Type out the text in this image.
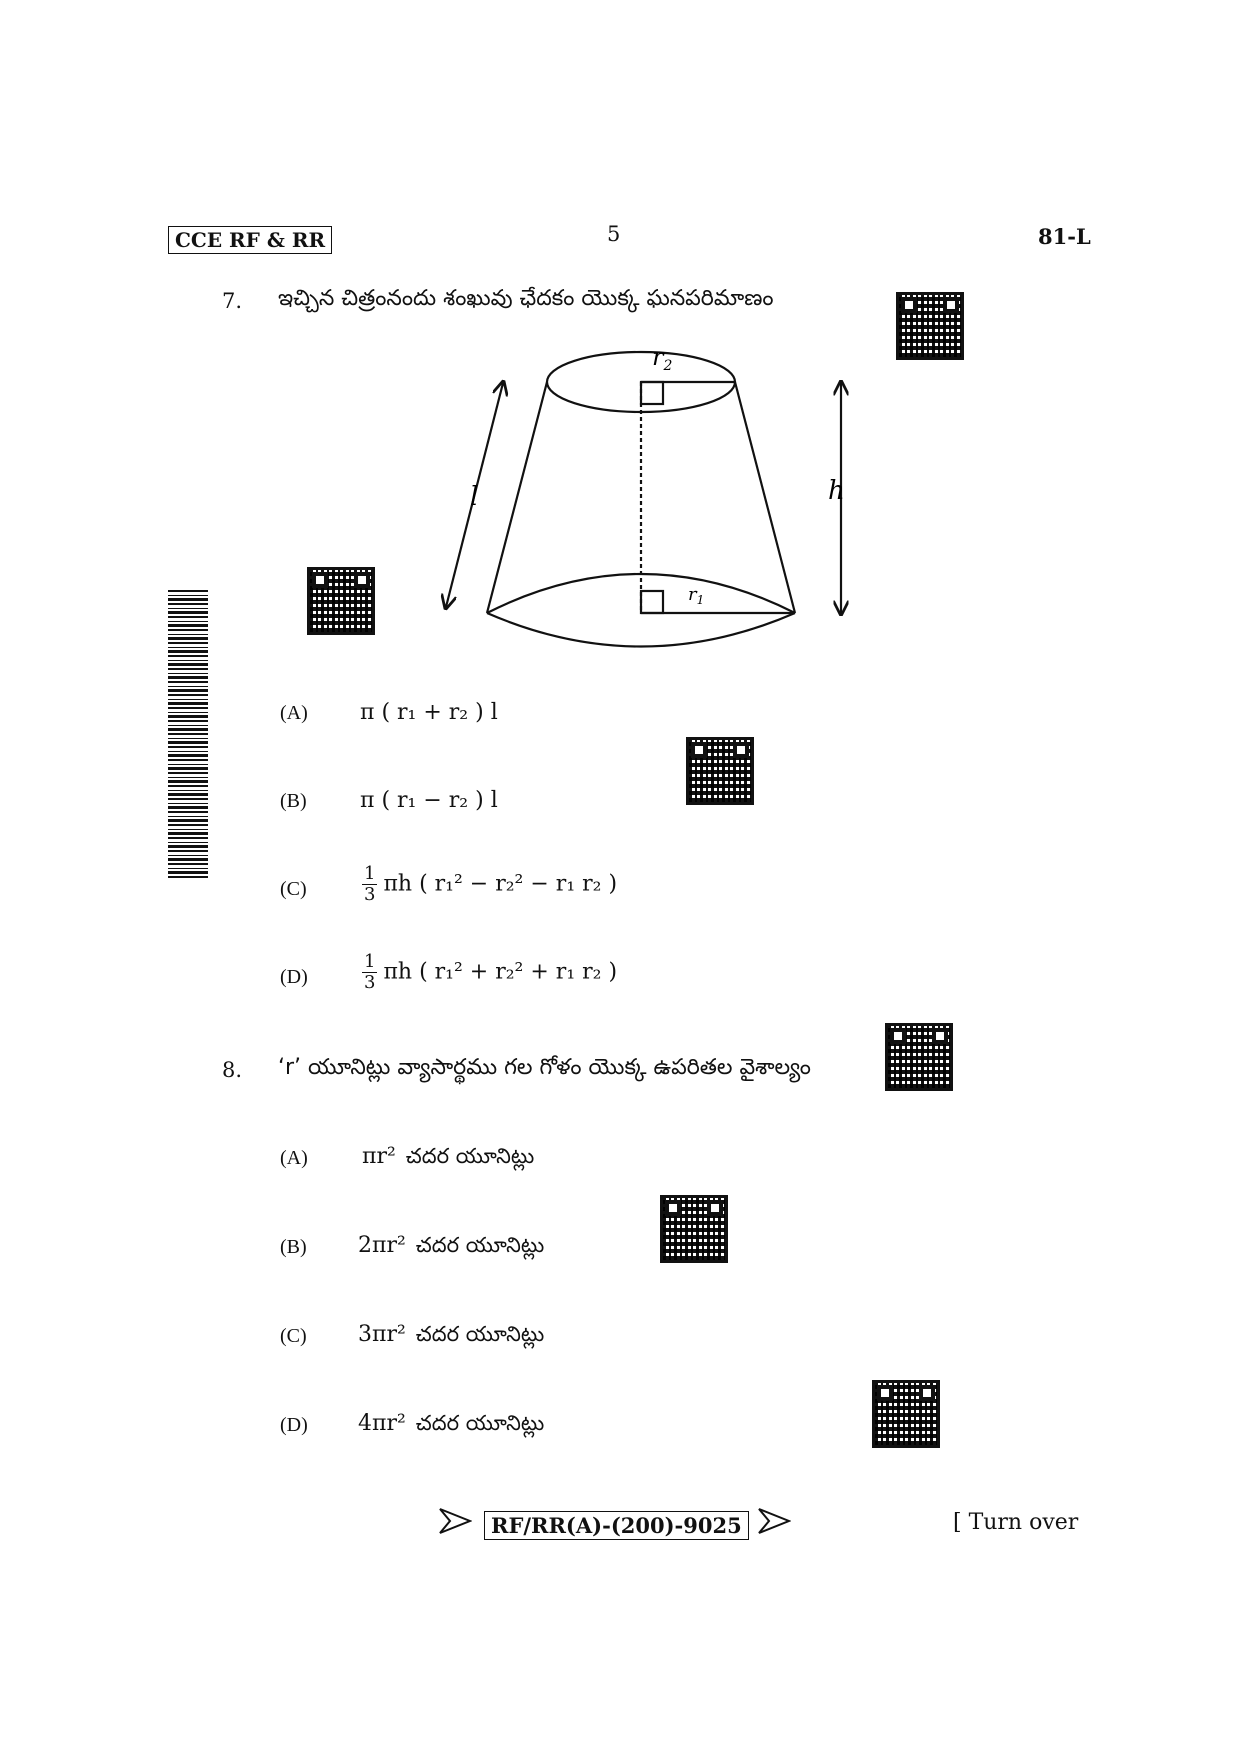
CCE RF & RR	5	81-L
7. ఇచ్చిన చిత్రంనందు శంఖువు ఛేదకం యొక్క ఘనపరిమాణం
$r_2$
$r_1$
l	h
(A) π ( r₁ + r₂ ) l
(B) π ( r₁ − r₂ ) l
(C)	$\frac{1}{3}$ πh ( r₁² − r₂² − r₁ r₂ )
(D)	$\frac{1}{3}$ πh ( r₁² + r₂² + r₁ r₂ )
8. ‘r’ యూనిట్లు వ్యాసార్థము గల గోళం యొక్క ఉపరితల వైశాల్యం
(A) πr² చదర యూనిట్లు
(B) 2πr² చదర యూనిట్లు
(C) 3πr² చదర యూనిట్లు
(D) 4πr² చదర యూనిట్లు
RF/RR(A)-(200)-9025	[ Turn over
